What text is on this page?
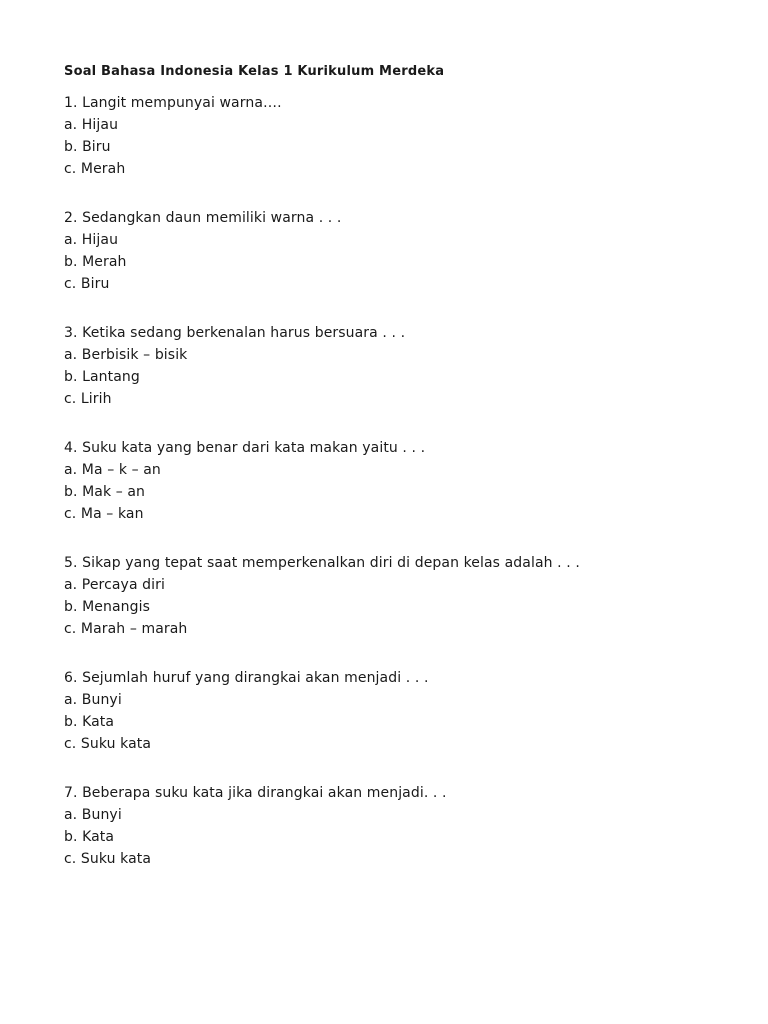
Soal Bahasa Indonesia Kelas 1 Kurikulum Merdeka
1. Langit mempunyai warna….
a. Hijau
b. Biru
c. Merah
2. Sedangkan daun memiliki warna . . .
a. Hijau
b. Merah
c. Biru
3. Ketika sedang berkenalan harus bersuara . . .
a. Berbisik – bisik
b. Lantang
c. Lirih
4. Suku kata yang benar dari kata makan yaitu . . .
a. Ma – k – an
b. Mak – an
c. Ma – kan
5. Sikap yang tepat saat memperkenalkan diri di depan kelas adalah . . .
a. Percaya diri
b. Menangis
c. Marah – marah
6. Sejumlah huruf yang dirangkai akan menjadi . . .
a. Bunyi
b. Kata
c. Suku kata
7. Beberapa suku kata jika dirangkai akan menjadi. . .
a. Bunyi
b. Kata
c. Suku kata
